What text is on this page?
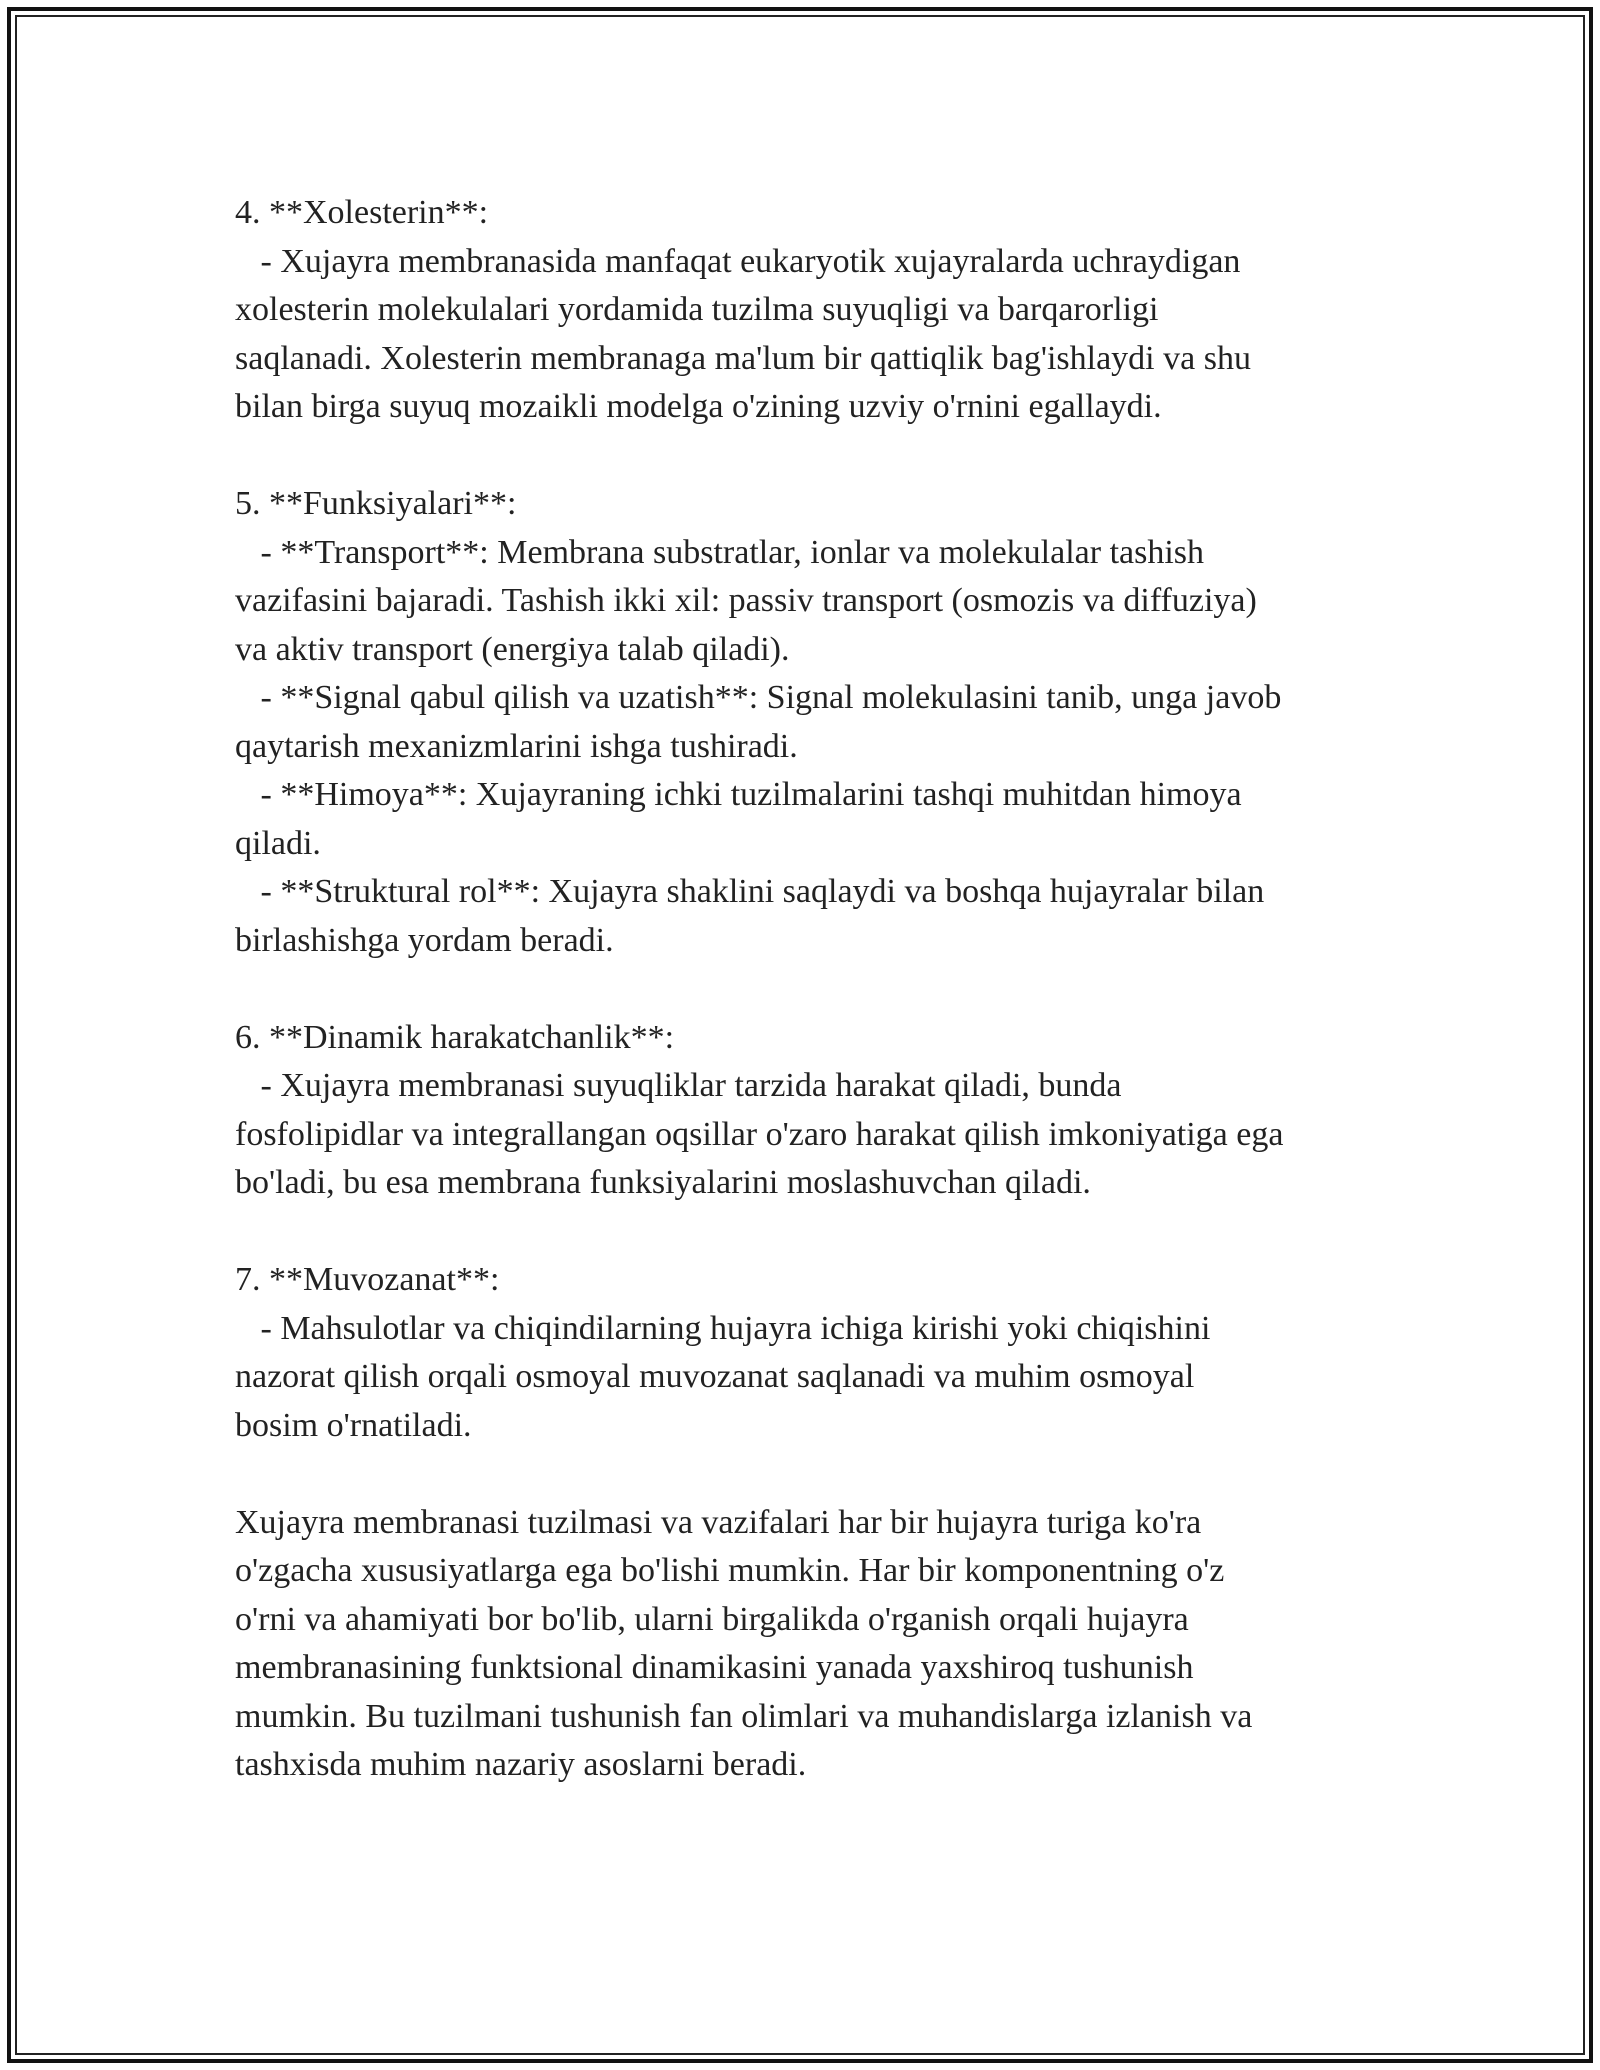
4. **Xolesterin**:
- Xujayra membranasida manfaqat eukaryotik xujayralarda uchraydigan
xolesterin molekulalari yordamida tuzilma suyuqligi va barqarorligi
saqlanadi. Xolesterin membranaga ma'lum bir qattiqlik bag'ishlaydi va shu
bilan birga suyuq mozaikli modelga o'zining uzviy o'rnini egallaydi.
5. **Funksiyalari**:
- **Transport**: Membrana substratlar, ionlar va molekulalar tashish
vazifasini bajaradi. Tashish ikki xil: passiv transport (osmozis va diffuziya)
va aktiv transport (energiya talab qiladi).
- **Signal qabul qilish va uzatish**: Signal molekulasini tanib, unga javob
qaytarish mexanizmlarini ishga tushiradi.
- **Himoya**: Xujayraning ichki tuzilmalarini tashqi muhitdan himoya
qiladi.
- **Struktural rol**: Xujayra shaklini saqlaydi va boshqa hujayralar bilan
birlashishga yordam beradi.
6. **Dinamik harakatchanlik**:
- Xujayra membranasi suyuqliklar tarzida harakat qiladi, bunda
fosfolipidlar va integrallangan oqsillar o'zaro harakat qilish imkoniyatiga ega
bo'ladi, bu esa membrana funksiyalarini moslashuvchan qiladi.
7. **Muvozanat**:
- Mahsulotlar va chiqindilarning hujayra ichiga kirishi yoki chiqishini
nazorat qilish orqali osmoyal muvozanat saqlanadi va muhim osmoyal
bosim o'rnatiladi.
Xujayra membranasi tuzilmasi va vazifalari har bir hujayra turiga ko'ra
o'zgacha xususiyatlarga ega bo'lishi mumkin. Har bir komponentning o'z
o'rni va ahamiyati bor bo'lib, ularni birgalikda o'rganish orqali hujayra
membranasining funktsional dinamikasini yanada yaxshiroq tushunish
mumkin. Bu tuzilmani tushunish fan olimlari va muhandislarga izlanish va
tashxisda muhim nazariy asoslarni beradi.
